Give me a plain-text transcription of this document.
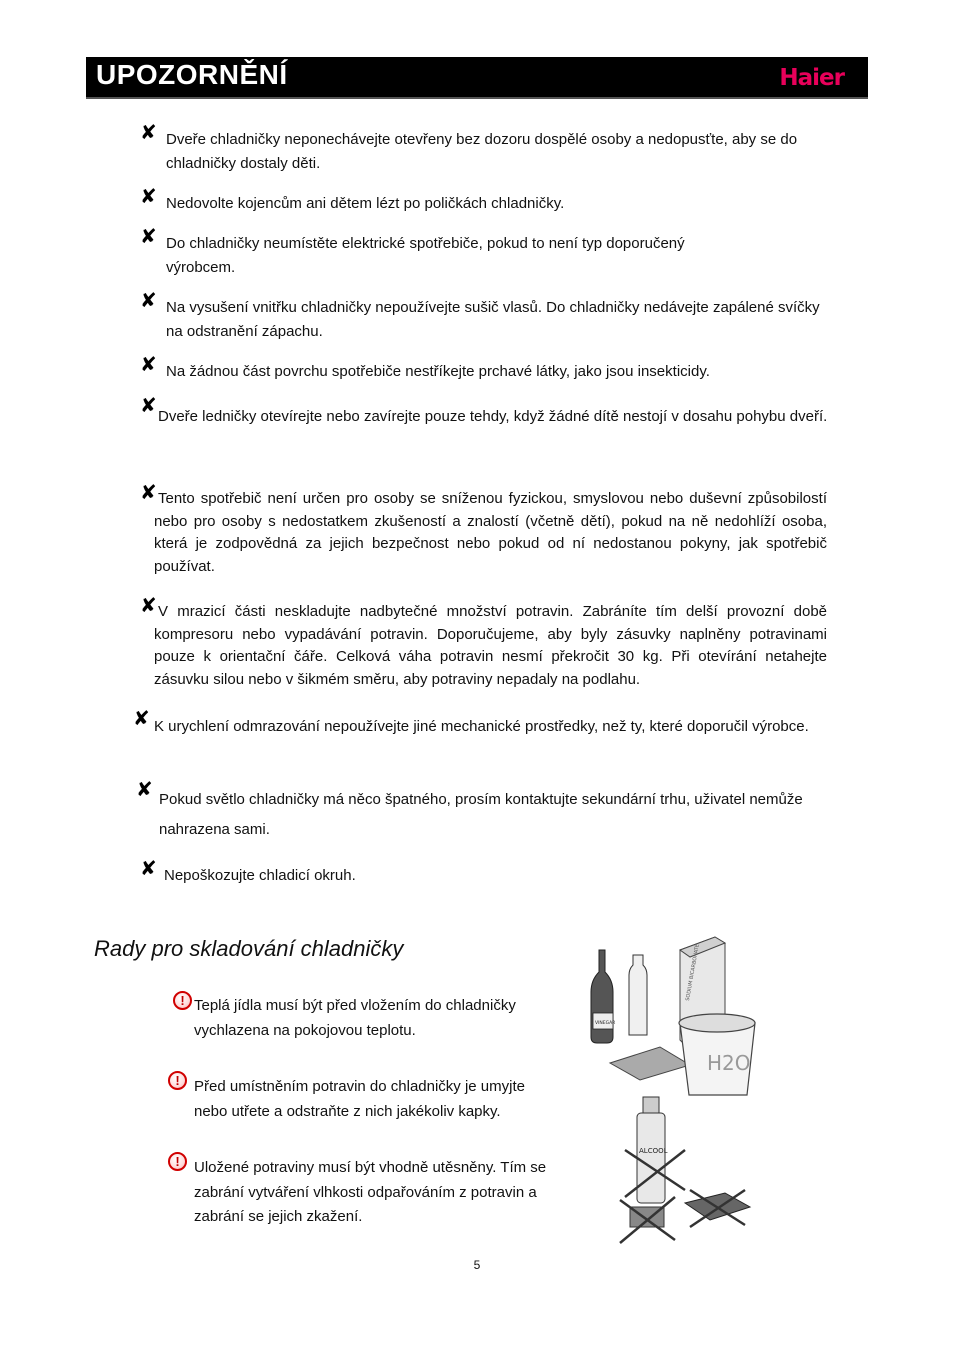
UPOZORNĚNÍ	Haier
✘ Dveře chladničky neponechávejte otevřeny bez dozoru dospělé osoby a nedopusťte, aby se do chladničky dostaly děti.
✘ Nedovolte kojencům ani dětem lézt po poličkách chladničky.
✘ Do chladničky neumístěte elektrické spotřebiče, pokud to není typ doporučený výrobcem.
✘ Na vysušení vnitřku chladničky nepoužívejte sušič vlasů. Do chladničky nedávejte zapálené svíčky na odstranění zápachu.
✘ Na žádnou část povrchu spotřebiče nestříkejte prchavé látky, jako jsou insekticidy.
✘ Dveře ledničky otevírejte nebo zavírejte pouze tehdy, když žádné dítě nestojí v dosahu pohybu dveří.
✘ Tento spotřebič není určen pro osoby se sníženou fyzickou, smyslovou nebo duševní způsobilostí nebo pro osoby s nedostatkem zkušeností a znalostí (včetně dětí), pokud na ně nedohlíží osoba, která je zodpovědná za jejich bezpečnost nebo pokud od ní nedostanou pokyny, jak spotřebič používat.
✘ V mrazicí části neskladujte nadbytečné množství potravin. Zabráníte tím delší provozní době kompresoru nebo vypadávání potravin. Doporučujeme, aby byly zásuvky naplněny potravinami pouze k orientační čáře. Celková váha potravin nesmí překročit 30 kg. Při otevírání netahejte zásuvku silou nebo v šikmém směru, aby potraviny nepadaly na podlahu.
✘ K urychlení odmrazování nepoužívejte jiné mechanické prostředky, než ty, které doporučil výrobce.
✘ Pokud světlo chladničky má něco špatného, prosím kontaktujte sekundární trhu, uživatel nemůže nahrazena sami.
✘ Nepoškozujte chladicí okruh.
Rady pro skladování chladničky
! Teplá jídla musí být před vložením do chladničky vychlazena na pokojovou teplotu.
! Před umístněním potravin do chladničky je umyjte nebo utřete a odstraňte z nich jakékoliv kapky.
! Uložené potraviny musí být vhodně utěsněny. Tím se zabrání vytváření vlhkosti odpařováním z potravin a zabrání se jejich zkažení.
SODIUM BICARBONATE
VINEGAR
H2O
ALCOOL
5
